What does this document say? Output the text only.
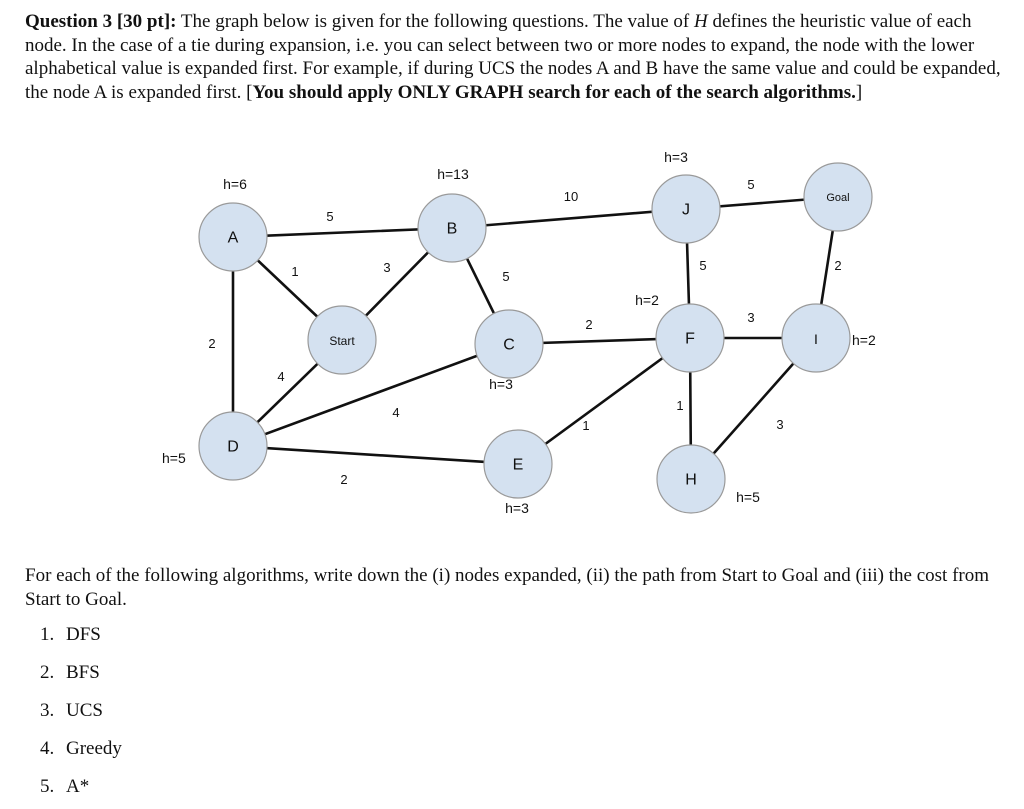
Question 3 [30 pt]: The graph below is given for the following questions. The value of H defines the heuristic value of each node. In the case of a tie during expansion, i.e. you can select between two or more nodes to expand, the node with the lower alphabetical value is expanded first. For example, if during UCS the nodes A and B have the same value and could be expanded, the node A is expanded first. [You should apply ONLY GRAPH search for each of the search algorithms.]
5
1
2
3
4
10
5
4
2
2
1
5
5
3
1
2
3
A
B
Start	C
D
E
J
F
H
I
Goal
h=6
h=13
h=3
h=5
h=3
h=3
h=2
h=5
h=2
For each of the following algorithms, write down the (i) nodes expanded, (ii) the path from Start to Goal and (iii) the cost from Start to Goal.
1. DFS
2. BFS
3. UCS
4. Greedy
5. A*
